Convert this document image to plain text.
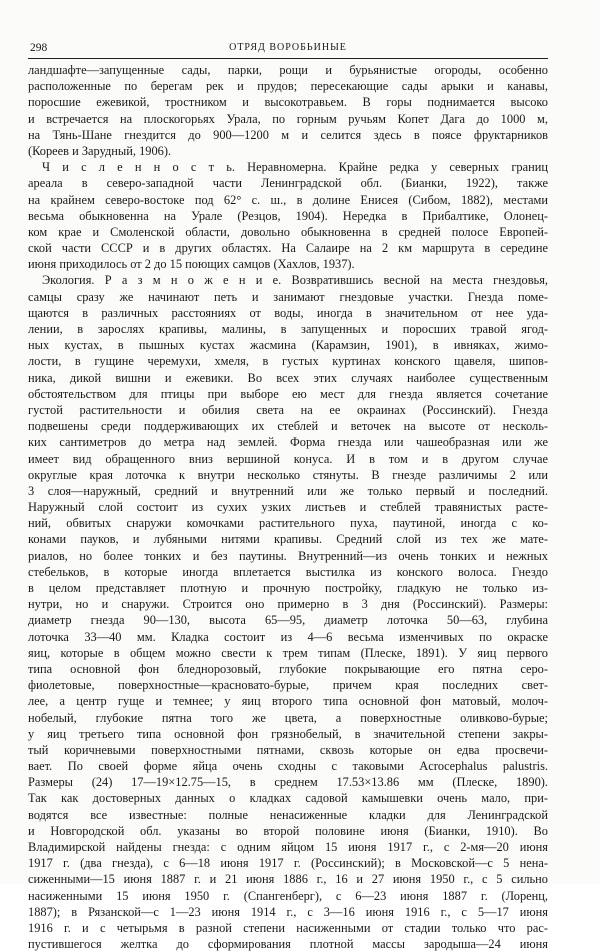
298	ОТРЯД ВОРОБЬИНЫЕ
ландшафте—запущенные сады, парки, рощи и бурьянистые огороды, особенно
расположенные по берегам рек и прудов; пересекающие сады арыки и канавы,
поросшие ежевикой, тростником и высокотравьем. В горы поднимается высоко
и встречается на плоскогорьях Урала, по горным ручьям Копет Дага до 1000 м,
на Тянь-Шане гнездится до 900—1200 м и селится здесь в поясе фруктарников
(Кореев и Зарудный, 1906).
Ч и с л е н н о с т ь. Неравномерна. Крайне редка у северных границ
ареала в северо-западной части Ленинградской обл. (Бианки, 1922), также
на крайнем северо-востоке под 62° с. ш., в долине Енисея (Сибом, 1882), местами
весьма обыкновенна на Урале (Резцов, 1904). Нередка в Прибалтике, Олонец-
ком крае и Смоленской области, довольно обыкновенна в средней полосе Европей-
ской части СССР и в других областях. На Салаире на 2 км маршрута в середине
июня приходилось от 2 до 15 поющих самцов (Хахлов, 1937).
Экология. Р а з м н о ж е н и е. Возвратившись весной на места гнездовья,
самцы сразу же начинают петь и занимают гнездовые участки. Гнезда поме-
щаются в различных расстояниях от воды, иногда в значительном от нее уда-
лении, в зарослях крапивы, малины, в запущенных и поросших травой ягод-
ных кустах, в пышных кустах жасмина (Карамзин, 1901), в ивняках, жимо-
лости, в гущине черемухи, хмеля, в густых куртинах конского щавеля, шипов-
ника, дикой вишни и ежевики. Во всех этих случаях наиболее существенным
обстоятельством для птицы при выборе ею мест для гнезда является сочетание
густой растительности и обилия света на ее окраинах (Россинский). Гнезда
подвешены среди поддерживающих их стеблей и веточек на высоте от несколь-
ких сантиметров до метра над землей. Форма гнезда или чашеобразная или же
имеет вид обращенного вниз вершиной конуса. И в том и в другом случае
округлые края лоточка к внутри несколько стянуты. В гнезде различимы 2 или
3 слоя—наружный, средний и внутренний или же только первый и последний.
Наружный слой состоит из сухих узких листьев и стеблей травянистых расте-
ний, обвитых снаружи комочками растительного пуха, паутиной, иногда с ко-
конами пауков, и лубяными нитями крапивы. Средний слой из тех же мате-
риалов, но более тонких и без паутины. Внутренний—из очень тонких и нежных
стебельков, в которые иногда вплетается выстилка из конского волоса. Гнездо
в целом представляет плотную и прочную постройку, гладкую не только из-
нутри, но и снаружи. Строится оно примерно в 3 дня (Россинский). Размеры:
диаметр гнезда 90—130, высота 65—95, диаметр лоточка 50—63, глубина
лоточка 33—40 мм. Кладка состоит из 4—6 весьма изменчивых по окраске
яиц, которые в общем можно свести к трем типам (Плеске, 1891). У яиц первого
типа основной фон бледнорозовый, глубокие покрывающие его пятна серо-
фиолетовые, поверхностные—красновато-бурые, причем края последних свет-
лее, а центр гуще и темнее; у яиц второго типа основной фон матовый, молоч-
нобелый, глубокие пятна того же цвета, а поверхностные оливково-бурые;
у яиц третьего типа основной фон грязнобелый, в значительной степени закры-
тый коричневыми поверхностными пятнами, сквозь которые он едва просвечи-
вает. По своей форме яйца очень сходны с таковыми Acrocephalus palustris.
Размеры (24) 17—19×12.75—15, в среднем 17.53×13.86 мм (Плеске, 1890).
Так как достоверных данных о кладках садовой камышевки очень мало, при-
водятся все известные: полные ненасиженные кладки для Ленинградской
и Новгородской обл. указаны во второй половине июня (Бианки, 1910). Во
Владимирской найдены гнезда: с одним яйцом 15 июня 1917 г., с 2-мя—20 июня
1917 г. (два гнезда), с 6—18 июня 1917 г. (Россинский); в Московской—с 5 нена-
сиженными—15 июня 1887 г. и 21 июня 1886 г., 16 и 27 июня 1950 г., с 5 сильно
насиженными 15 июня 1950 г. (Спангенберг), с 6—23 июня 1887 г. (Лоренц,
1887); в Рязанской—с 1—23 июня 1914 г., с 3—16 июня 1916 г., с 5—17 июня
1916 г. и с четырьмя в разной степени насиженными от стадии только что рас-
пустившегося желтка до сформирования плотной массы зародыша—24 июня
